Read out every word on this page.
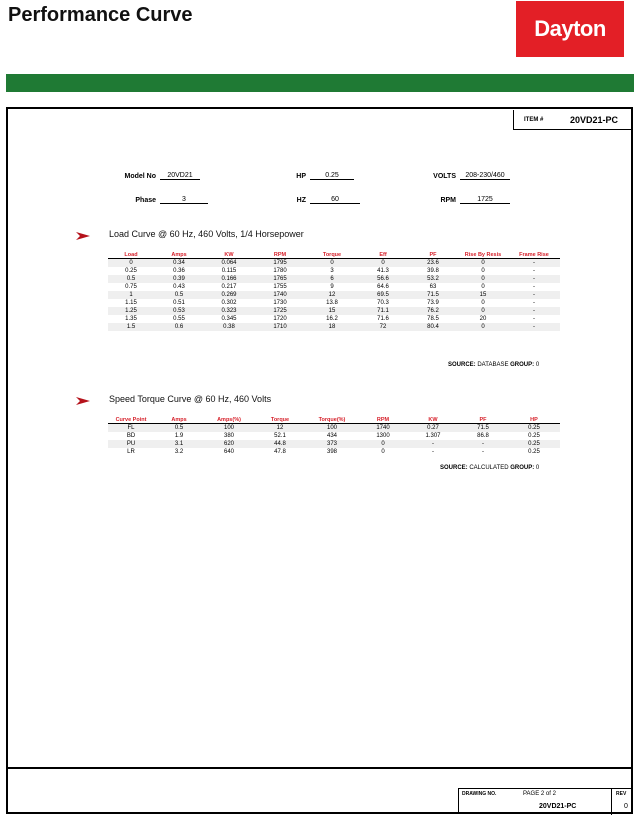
Performance Curve
Dayton
ITEM #	20VD21-PC
Model No	20VD21	HP	0.25	VOLTS	208-230/460
Phase	3	HZ	60	RPM	1725
Load Curve @ 60 Hz, 460 Volts, 1/4 Horsepower
Load	Amps	KW	RPM	Torque	Eff	PF	Rise By Resis	Frame Rise
0	0.34	0.064	1795	0	0	23.6	0	-
0.25	0.36	0.115	1780	3	41.3	39.8	0	-
0.5	0.39	0.166	1765	6	56.6	53.2	0	-
0.75	0.43	0.217	1755	9	64.6	63	0	-
1	0.5	0.269	1740	12	69.5	71.5	15	-
1.15	0.51	0.302	1730	13.8	70.3	73.9	0	-
1.25	0.53	0.323	1725	15	71.1	76.2	0	-
1.35	0.55	0.345	1720	16.2	71.6	78.5	20	-
1.5	0.6	0.38	1710	18	72	80.4	0	-
SOURCE: DATABASE GROUP: 0
Speed Torque Curve @ 60 Hz, 460 Volts
Curve Point	Amps	Amps(%)	Torque	Torque(%)	RPM	KW	PF	HP
FL	0.5	100	12	100	1740	0.27	71.5	0.25
BD	1.9	380	52.1	434	1300	1.307	86.8	0.25
PU	3.1	620	44.8	373	0	-	-	0.25
LR	3.2	640	47.8	398	0	-	-	0.25
SOURCE: CALCULATED GROUP: 0
DRAWING NO.	PAGE 2 of 2
20VD21-PC
REV
0
